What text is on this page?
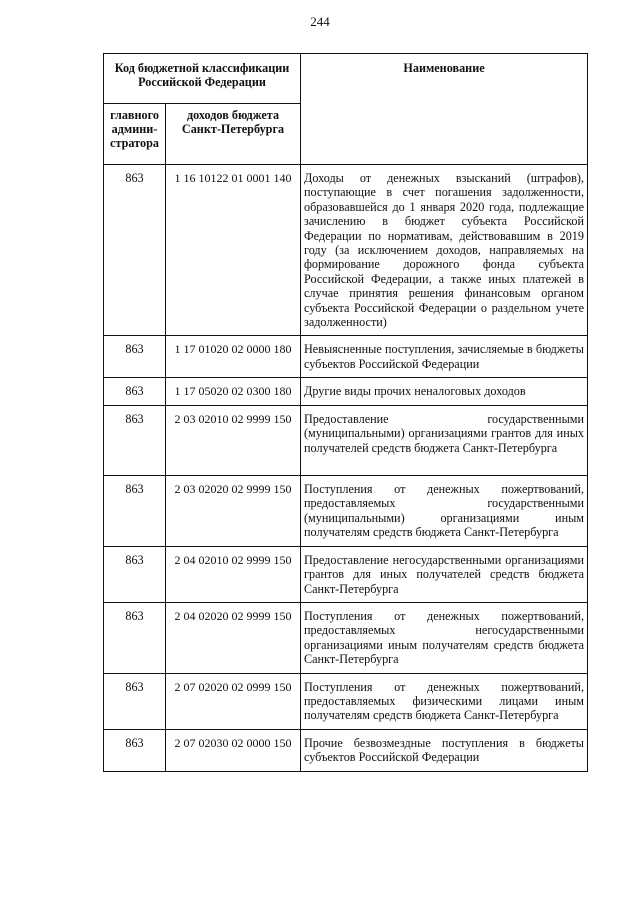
244
Код бюджетной классификации Российской Федерации		Наименование
главного админи-стратора	доходов бюджета Санкт-Петербурга	
863	1 16 10122 01 0001 140	Доходы от денежных взысканий (штрафов), поступающие в счет погашения задолженности, образовавшейся до 1 января 2020 года, подлежащие зачислению в бюджет субъекта Российской Федерации по нормативам, действовавшим в 2019 году (за исключением доходов, направляемых на формирование дорожного фонда субъекта Российской Федерации, а также иных платежей в случае принятия решения финансовым органом субъекта Российской Федерации о раздельном учете задолженности)
863	1 17 01020 02 0000 180	Невыясненные поступления, зачисляемые в бюджеты субъектов Российской Федерации
863	1 17 05020 02 0300 180	Другие виды прочих неналоговых доходов
863	2 03 02010 02 9999 150	Предоставление государственными (муниципальными) организациями грантов для иных получателей средств бюджета Санкт-Петербурга
863	2 03 02020 02 9999 150	Поступления от денежных пожертвований, предоставляемых государственными (муниципальными) организациями иным получателям средств бюджета Санкт-Петербурга
863	2 04 02010 02 9999 150	Предоставление негосударственными организациями грантов для иных получателей средств бюджета Санкт-Петербурга
863	2 04 02020 02 9999 150	Поступления от денежных пожертвований, предоставляемых негосударственными организациями иным получателям средств бюджета Санкт-Петербурга
863	2 07 02020 02 0999 150	Поступления от денежных пожертвований, предоставляемых физическими лицами иным получателям средств бюджета Санкт-Петербурга
863	2 07 02030 02 0000 150	Прочие безвозмездные поступления в бюджеты субъектов Российской Федерации
